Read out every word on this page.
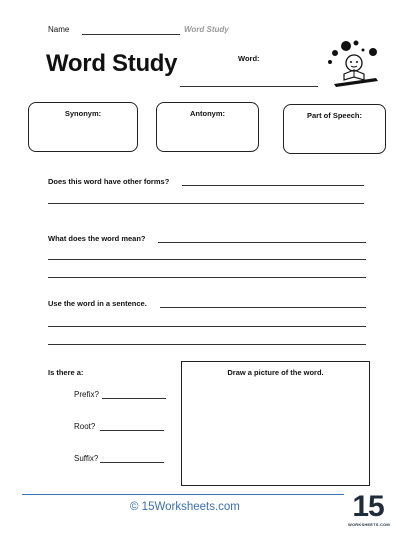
Name	Word Study
Word Study	Word:
Synonym:	Antonym:	Part of Speech:
Does this word have other forms?
What does the word mean?
Use the word in a sentence.
Is there a:
Prefix?
Root?
Suffix?
Draw a picture of the word.
© 15Worksheets.com	15
WORKSHEETS.COM
